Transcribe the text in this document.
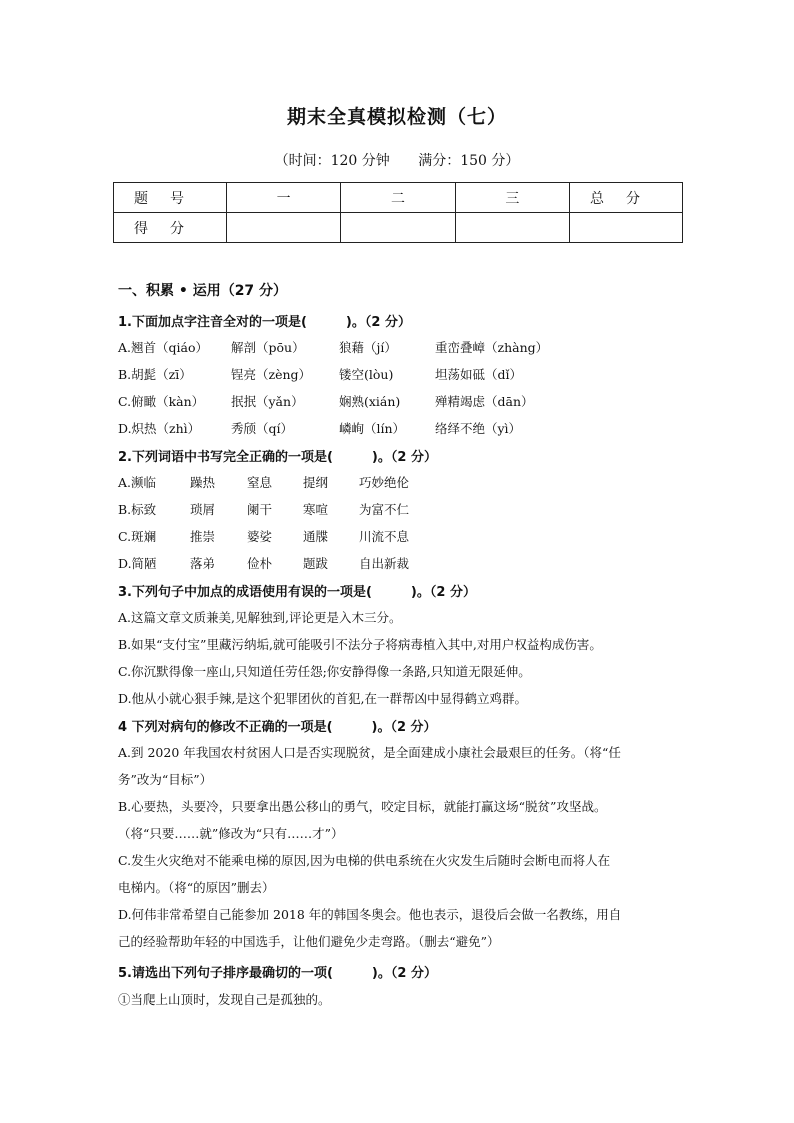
期末全真模拟检测（七）
（时间：120 分钟 满分：150 分）
题号	一	二	三	总分
得分				
一、积累 • 运用（27 分）
1.下面加点字注音全对的一项是(　　　)。（2 分）
A.翘首（qiáo） 解剖（pōu）	狼藉（jí）	重峦叠嶂（zhàng）
B.胡髭（zī）	锃亮（zèng） 镂空(lòu)	坦荡如砥（dǐ）
C.俯瞰（kàn） 抿抿（yǎn）	娴熟(xián)	殚精竭虑（dān）
D.炽热（zhì） 秀颀（qí）	嶙峋（lín） 络绎不绝（yì）
2.下列词语中书写完全正确的一项是(　　　)。（2 分）
A.濒临	躁热	窒息 提纲 巧妙绝伦
B.标致	琐屑	阑干 寒喧 为富不仁
C.斑斓	推崇	婆娑 通牒 川流不息
D.简陋	落弟	俭朴 题跋 自出新裁
3.下列句子中加点的成语使用有误的一项是(　　　)。（2 分）
A.这篇文章文质兼美,见解独到,评论更是入木三分。
B.如果“支付宝”里藏污纳垢,就可能吸引不法分子将病毒植入其中,对用户权益构成伤害。
C.你沉默得像一座山,只知道任劳任怨;你安静得像一条路,只知道无限延伸。
D.他从小就心狠手辣,是这个犯罪团伙的首犯,在一群帮凶中显得鹤立鸡群。
4 下列对病句的修改不正确的一项是(　　　)。（2 分）
A.到 2020 年我国农村贫困人口是否实现脱贫，是全面建成小康社会最艰巨的任务。（将“任
务”改为“目标”）
B.心要热，头要冷，只要拿出愚公移山的勇气，咬定目标，就能打赢这场“脱贫”攻坚战。
（将“只要……就”修改为“只有……才”）
C.发生火灾绝对不能乘电梯的原因,因为电梯的供电系统在火灾发生后随时会断电而将人在
电梯内。（将“的原因”删去）
D.何伟非常希望自己能参加 2018 年的韩国冬奥会。他也表示，退役后会做一名教练，用自
己的经验帮助年轻的中国选手，让他们避免少走弯路。（删去“避免”）
5.请选出下列句子排序最确切的一项(　　　)。（2 分）
①当爬上山顶时，发现自己是孤独的。
